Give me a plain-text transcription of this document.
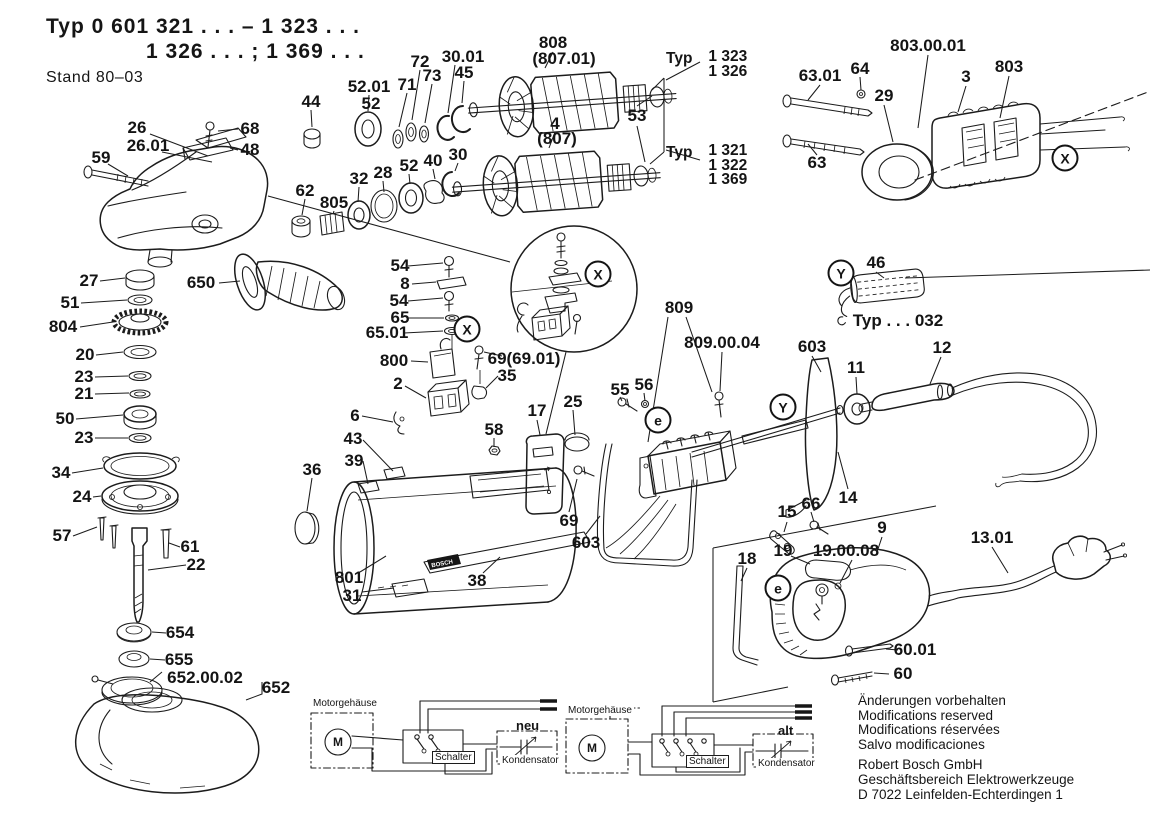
BOSCH
Typ 0 601 321 . . . – 1 323 . . .
1 326 . . . ; 1 369 . . .
Stand 80–03
Typ 1 323
1 326
Typ 1 321
1 322
1 369
26
26.01
68
48
59
44
52.01
52
72
71 73
30.01
45
808
(807.01)
4
(807)
53
62
805
32 28 52 40 30
803.00.01
63.01 64
29
63
3
803
X
27
51
804
650
20
23
21
50
23
34
24
57
61
22
654
655
652.00.02
652
54
8
54
65
65.01	X
X
800	69(69.01)
35
2
6
43
39
36
58
17 25
809
809.00.04
55 56
e
Y
603
11
12
46
Y
Typ . . . 032
69
603
14
15 66
9
18 19 19.00.08
e
13.01
60.01
60
801
31
38
Motorgehäuse
M
Schalter
neu
Kondensator
Motorgehäuse
M
Schalter
alt
Kondensator
Änderungen vorbehalten
Modifications reserved
Modifications réservées
Salvo modificaciones
Robert Bosch GmbH
Geschäftsbereich Elektrowerkzeuge
D 7022 Leinfelden-Echterdingen 1
